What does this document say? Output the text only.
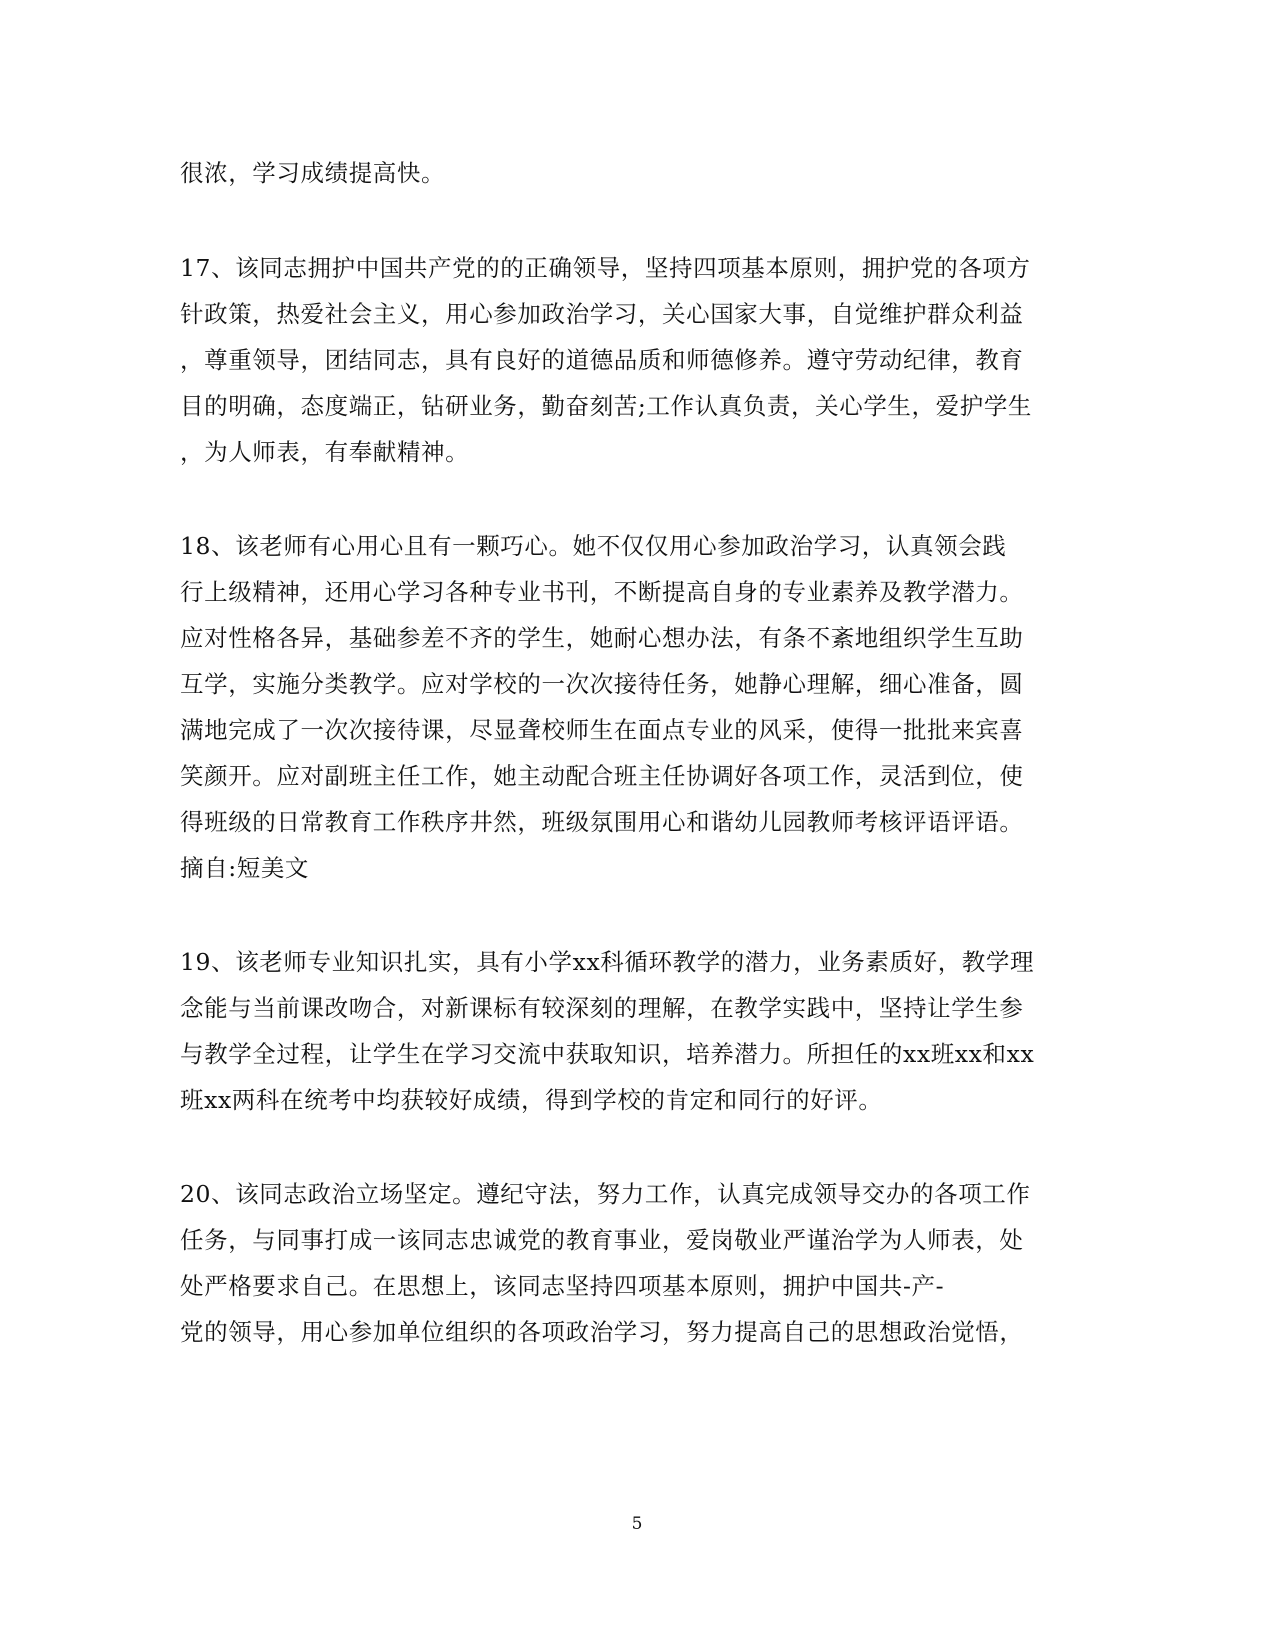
很浓，学习成绩提高快。
17、该同志拥护中国共产党的的正确领导，坚持四项基本原则，拥护党的各项方
针政策，热爱社会主义，用心参加政治学习，关心国家大事，自觉维护群众利益
，尊重领导，团结同志，具有良好的道德品质和师德修养。遵守劳动纪律，教育
目的明确，态度端正，钻研业务，勤奋刻苦;工作认真负责，关心学生，爱护学生
，为人师表，有奉献精神。
18、该老师有心用心且有一颗巧心。她不仅仅用心参加政治学习，认真领会践
行上级精神，还用心学习各种专业书刊，不断提高自身的专业素养及教学潜力。
应对性格各异，基础参差不齐的学生，她耐心想办法，有条不紊地组织学生互助
互学，实施分类教学。应对学校的一次次接待任务，她静心理解，细心准备，圆
满地完成了一次次接待课，尽显聋校师生在面点专业的风采，使得一批批来宾喜
笑颜开。应对副班主任工作，她主动配合班主任协调好各项工作，灵活到位，使
得班级的日常教育工作秩序井然，班级氛围用心和谐幼儿园教师考核评语评语。
摘自:短美文
19、该老师专业知识扎实，具有小学xx科循环教学的潜力，业务素质好，教学理
念能与当前课改吻合，对新课标有较深刻的理解，在教学实践中，坚持让学生参
与教学全过程，让学生在学习交流中获取知识，培养潜力。所担任的xx班xx和xx
班xx两科在统考中均获较好成绩，得到学校的肯定和同行的好评。
20、该同志政治立场坚定。遵纪守法，努力工作，认真完成领导交办的各项工作
任务，与同事打成一该同志忠诚党的教育事业，爱岗敬业严谨治学为人师表，处
处严格要求自己。在思想上，该同志坚持四项基本原则，拥护中国共-产-
党的领导，用心参加单位组织的各项政治学习，努力提高自己的思想政治觉悟，
5
